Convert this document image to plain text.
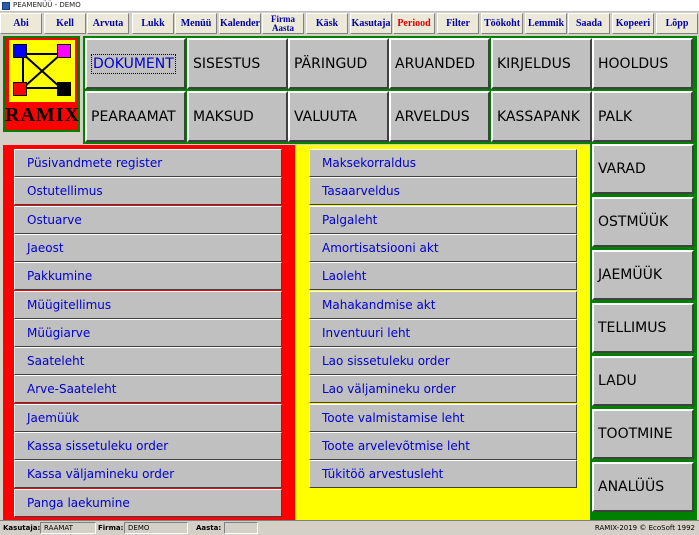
PEAMENÜÜ - DEMO
Abi	Kell	Arvuta	Lukk	Menüü Kalender	Firma Aasta	Käsk	Kasutaja Periood	Filter	Töökoht Lemmik	Saada	Kopeeri	Lõpp
RAMIX
DOKUMENT SISESTUS PÄRINGUD ARUANDED KIRJELDUS HOOLDUS
PEARAAMAT MAKSUD	VALUUTA	ARVELDUS KASSAPANK PALK
Püsivandmete register
Ostutellimus
Ostuarve
Jaeost
Pakkumine
Müügitellimus
Müügiarve
Saateleht
Arve-Saateleht
Jaemüük
Kassa sissetuleku order
Kassa väljamineku order
Panga laekumine
Maksekorraldus
Tasaarveldus
Palgaleht
Amortisatsiooni akt
Laoleht
Mahakandmise akt
Inventuuri leht
Lao sissetuleku order
Lao väljamineku order
Toote valmistamise leht
Toote arvelevõtmise leht
Tükitöö arvestusleht
VARAD
OSTMÜÜK
JAEMÜÜK
TELLIMUS
LADU
TOOTMINE
ANALÜÜS
Kasutaja: RAAMAT	Firma: DEMO	Aasta:	RAMIX-2019 © EcoSoft 1992
